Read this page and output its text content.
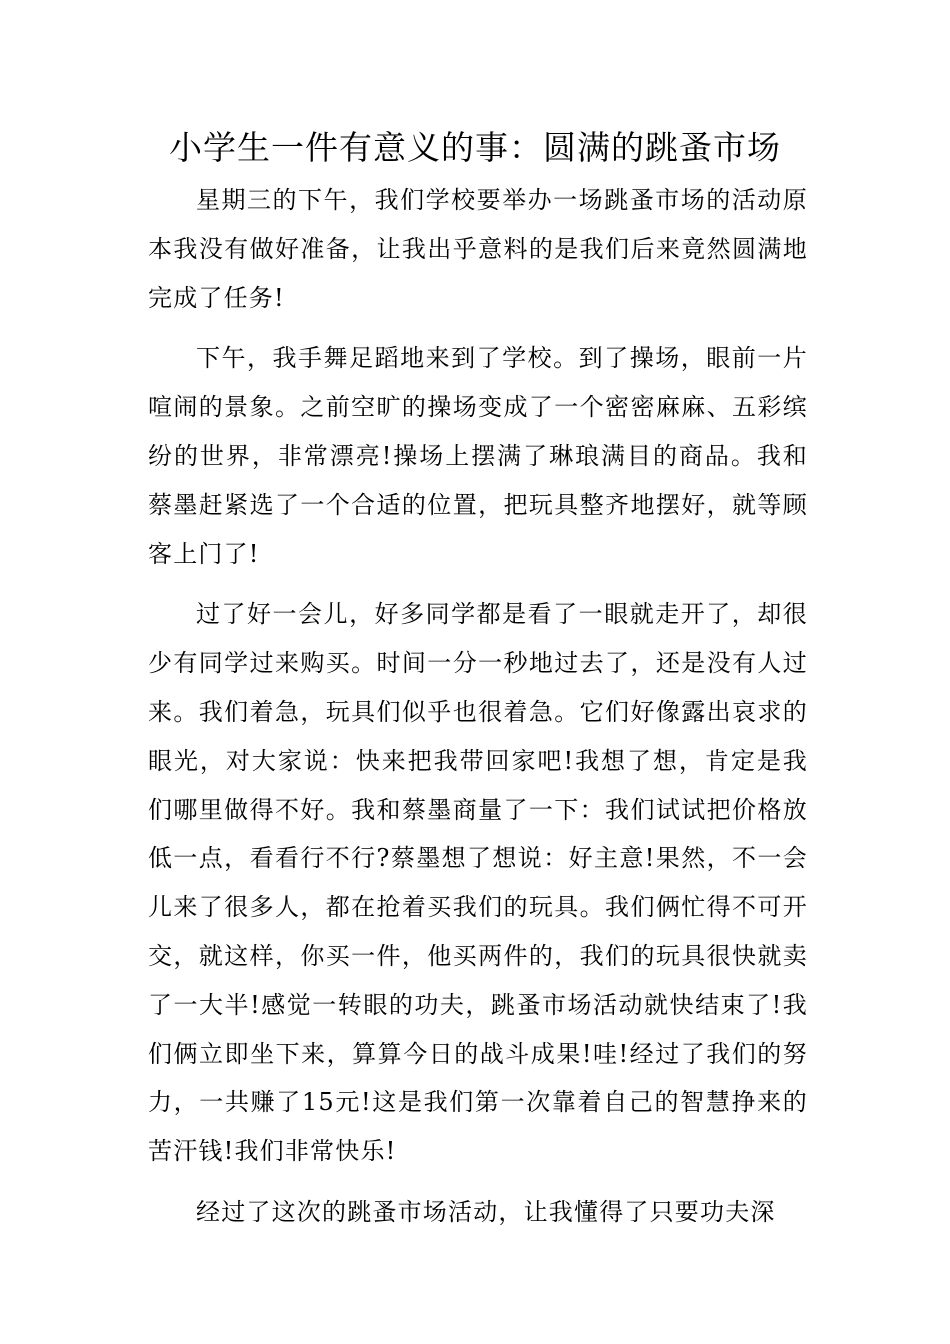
小学生一件有意义的事：圆满的跳蚤市场

星期三的下午，我们学校要举办一场跳蚤市场的活动原本我没有做好准备，让我出乎意料的是我们后来竟然圆满地完成了任务!

下午，我手舞足蹈地来到了学校。到了操场，眼前一片喧闹的景象。之前空旷的操场变成了一个密密麻麻、五彩缤纷的世界，非常漂亮!操场上摆满了琳琅满目的商品。我和蔡墨赶紧选了一个合适的位置，把玩具整齐地摆好，就等顾客上门了!

过了好一会儿，好多同学都是看了一眼就走开了，却很少有同学过来购买。时间一分一秒地过去了，还是没有人过来。我们着急，玩具们似乎也很着急。它们好像露出哀求的眼光，对大家说：快来把我带回家吧!我想了想，肯定是我们哪里做得不好。我和蔡墨商量了一下：我们试试把价格放低一点，看看行不行?蔡墨想了想说：好主意!果然，不一会儿来了很多人，都在抢着买我们的玩具。我们俩忙得不可开交，就这样，你买一件，他买两件的，我们的玩具很快就卖了一大半!感觉一转眼的功夫，跳蚤市场活动就快结束了!我们俩立即坐下来，算算今日的战斗成果!哇!经过了我们的努力，一共赚了15元!这是我们第一次靠着自己的智慧挣来的苦汗钱!我们非常快乐!

经过了这次的跳蚤市场活动，让我懂得了只要功夫深
